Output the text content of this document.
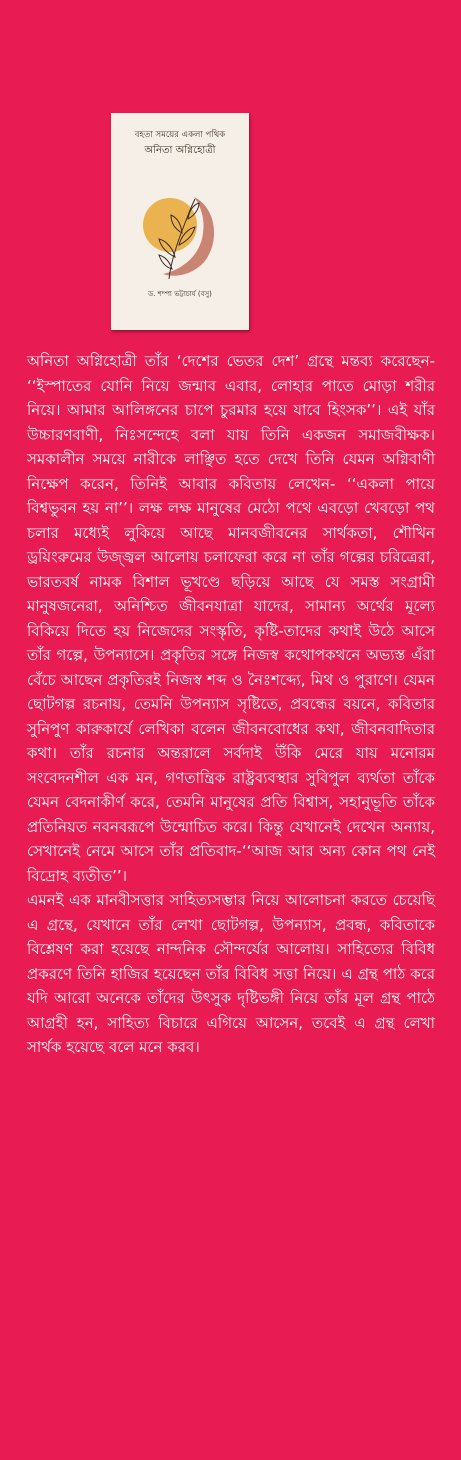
বহতা সময়ের একলা পথিক
অনিতা অগ্নিহোত্রী
ড. শম্পা ভট্টাচার্য (বসু)

অনিতা অগ্নিহোত্রী তাঁর ‘দেশের ভেতর দেশ’ গ্রন্থে মন্তব্য করেছেন- ‘‘ইস্পাতের যোনি নিয়ে জন্মাব এবার, লোহার পাতে মোড়া শরীর নিয়ে। আমার আলিঙ্গনের চাপে চুরমার হয়ে যাবে হিংসক’’। এই যাঁর উচ্চারণবাণী, নিঃসন্দেহে বলা যায় তিনি একজন সমাজবীক্ষক। সমকালীন সময়ে নারীকে লাঞ্ছিত হতে দেখে তিনি যেমন অগ্নিবাণী নিক্ষেপ করেন, তিনিই আবার কবিতায় লেখেন- ‘‘একলা পায়ে বিশ্বভুবন হয় না’’। লক্ষ লক্ষ মানুষের মেঠো পথে এবড়ো খেবড়ো পথ চলার মধ্যেই লুকিয়ে আছে মানবজীবনের সার্থকতা, শৌখিন ড্রয়িংরুমের উজ্জ্বল আলোয় চলাফেরা করে না তাঁর গল্পের চরিত্রেরা, ভারতবর্ষ নামক বিশাল ভূখণ্ডে ছড়িয়ে আছে যে সমস্ত সংগ্রামী মানুষজনেরা, অনিশ্চিত জীবনযাত্রা যাদের, সামান্য অর্থের মূল্যে বিকিয়ে দিতে হয় নিজেদের সংস্কৃতি, কৃষ্টি-তাদের কথাই উঠে আসে তাঁর গল্পে, উপন্যাসে। প্রকৃতির সঙ্গে নিজস্ব কথোপকথনে অভ্যস্ত এঁরা বেঁচে আছেন প্রকৃতিরই নিজস্ব শব্দ ও নৈঃশব্দ্যে, মিথ ও পুরাণে। যেমন ছোটগল্প রচনায়, তেমনি উপন্যাস সৃষ্টিতে, প্রবন্ধের বয়নে, কবিতার সুনিপুণ কারুকার্যে লেখিকা বলেন জীবনবোধের কথা, জীবনবাদিতার কথা। তাঁর রচনার অন্তরালে সর্বদাই উঁকি মেরে যায় মনোরম সংবেদনশীল এক মন, গণতান্ত্রিক রাষ্ট্রব্যবস্থার সুবিপুল ব্যর্থতা তাঁকে যেমন বেদনাকীর্ণ করে, তেমনি মানুষের প্রতি বিশ্বাস, সহানুভূতি তাঁকে প্রতিনিয়ত নবনবরূপে উন্মোচিত করে। কিন্তু যেখানেই দেখেন অন্যায়, সেখানেই নেমে আসে তাঁর প্রতিবাদ-‘‘আজ আর অন্য কোন পথ নেই বিদ্রোহ ব্যতীত’’।

এমনই এক মানবীসত্তার সাহিত্যসম্ভার নিয়ে আলোচনা করতে চেয়েছি এ গ্রন্থে, যেখানে তাঁর লেখা ছোটগল্প, উপন্যাস, প্রবন্ধ, কবিতাকে বিশ্লেষণ করা হয়েছে নান্দনিক সৌন্দর্যের আলোয়। সাহিত্যের বিবিধ প্রকরণে তিনি হাজির হয়েছেন তাঁর বিবিধ সত্তা নিয়ে। এ গ্রন্থ পাঠ করে যদি আরো অনেকে তাঁদের উৎসুক দৃষ্টিভঙ্গী নিয়ে তাঁর মূল গ্রন্থ পাঠে আগ্রহী হন, সাহিত্য বিচারে এগিয়ে আসেন, তবেই এ গ্রন্থ লেখা সার্থক হয়েছে বলে মনে করব।
